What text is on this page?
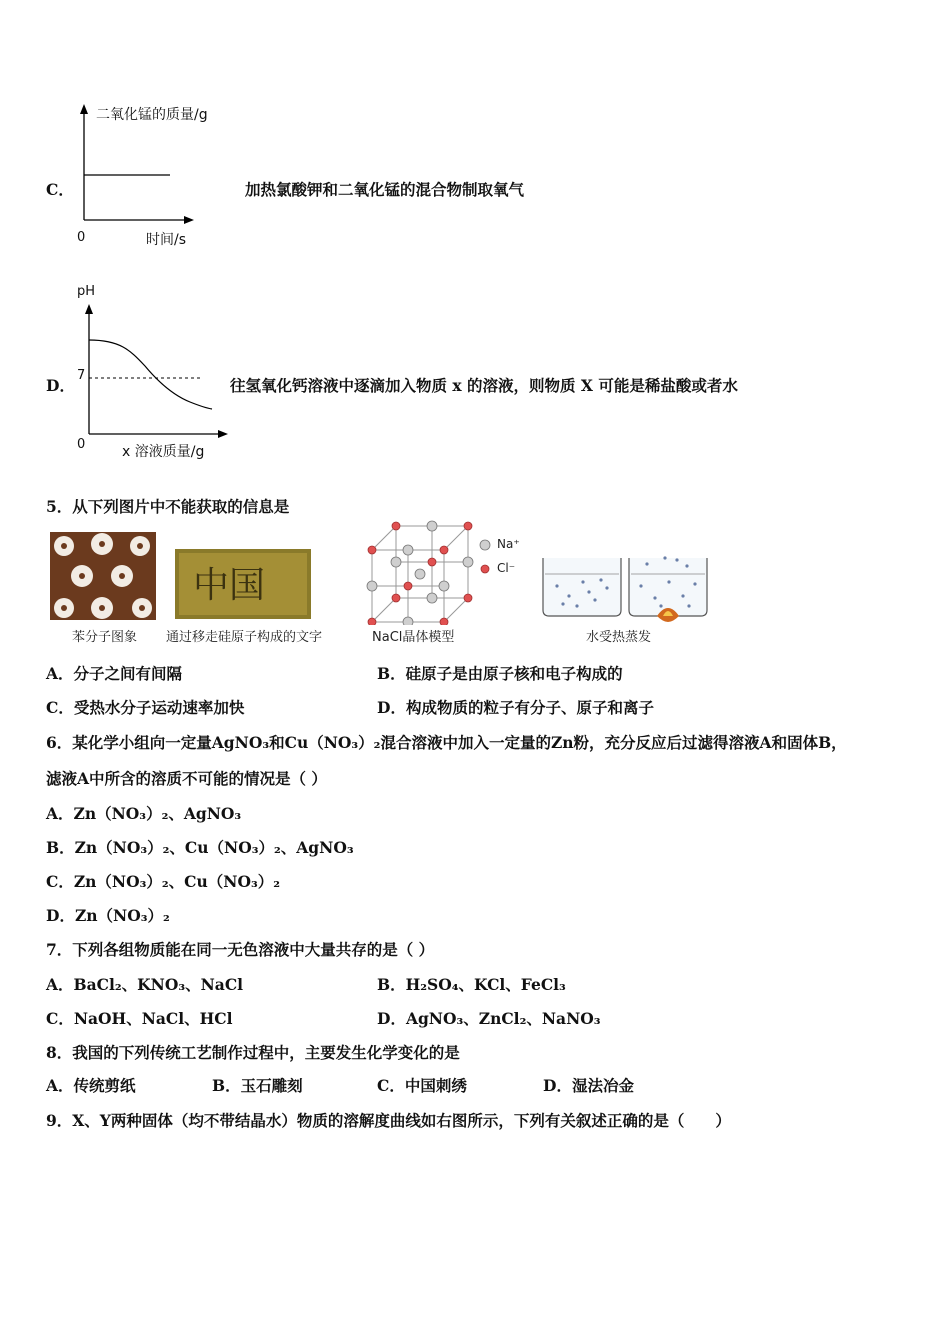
C．
二氧化锰的质量/g
0	时间/s
加热氯酸钾和二氧化锰的混合物制取氧气
D．
pH
7
0	x 溶液质量/g
往氢氧化钙溶液中逐滴加入物质 x 的溶液，则物质 X 可能是稀盐酸或者水
5．从下列图片中不能获取的信息是
苯分子图象
中国
通过移走硅原子构成的文字
Na⁺
Cl⁻
NaCl晶体模型	水受热蒸发
A．分子之间有间隔	B．硅原子是由原子核和电子构成的
C．受热水分子运动速率加快	D．构成物质的粒子有分子、原子和离子
6．某化学小组向一定量AgNO₃和Cu（NO₃）₂混合溶液中加入一定量的Zn粉，充分反应后过滤得溶液A和固体B，
滤液A中所含的溶质不可能的情况是（ ）
A．Zn（NO₃）₂、AgNO₃
B．Zn（NO₃）₂、Cu（NO₃）₂、AgNO₃
C．Zn（NO₃）₂、Cu（NO₃）₂
D．Zn（NO₃）₂
7．下列各组物质能在同一无色溶液中大量共存的是（ ）
A．BaCl₂、KNO₃、NaCl	B．H₂SO₄、KCl、FeCl₃
C．NaOH、NaCl、HCl	D．AgNO₃、ZnCl₂、NaNO₃
8．我国的下列传统工艺制作过程中，主要发生化学变化的是
A．传统剪纸	B．玉石雕刻	C．中国刺绣	D．湿法冶金
9．X、Y两种固体（均不带结晶水）物质的溶解度曲线如右图所示，下列有关叙述正确的是（　　）
